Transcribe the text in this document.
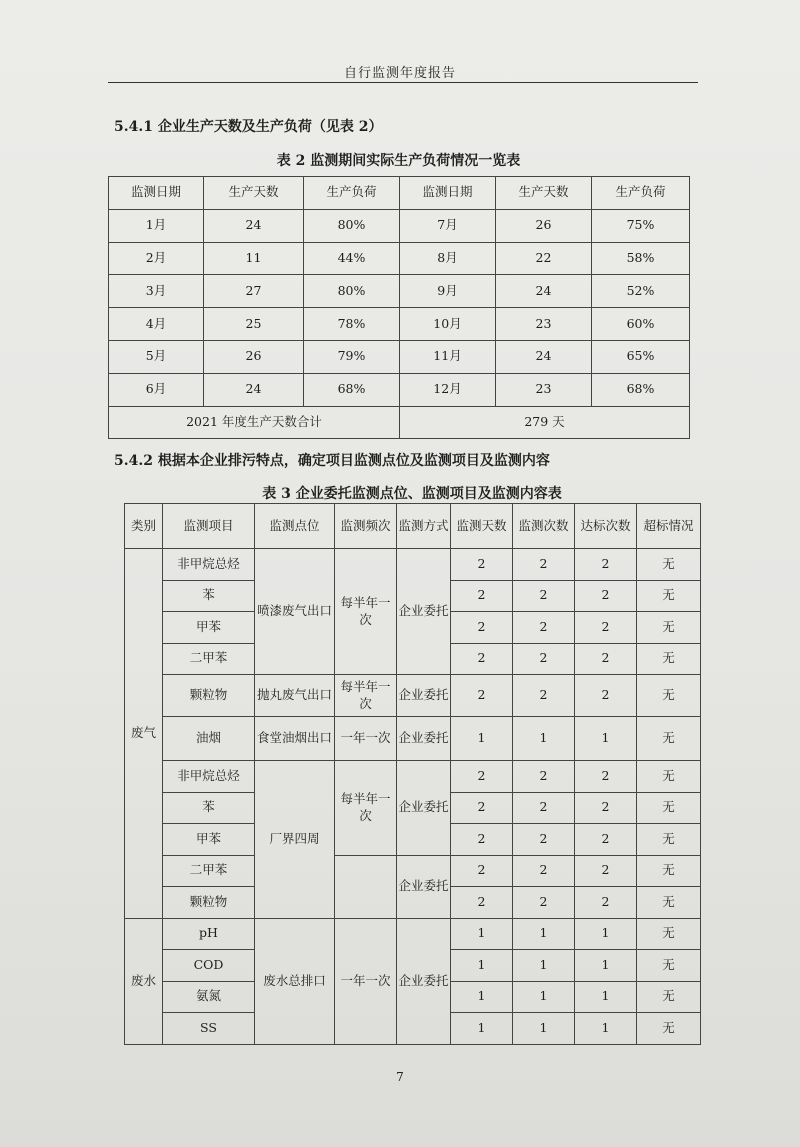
自行监测年度报告
5.4.1 企业生产天数及生产负荷（见表 2）
表 2 监测期间实际生产负荷情况一览表
监测日期	生产天数	生产负荷	监测日期	生产天数	生产负荷
1月	24	80%	7月	26	75%
2月	11	44%	8月	22	58%
3月	27	80%	9月	24	52%
4月	25	78%	10月	23	60%
5月	26	79%	11月	24	65%
6月	24	68%	12月	23	68%
2021 年度生产天数合计			279 天		
5.4.2 根据本企业排污特点，确定项目监测点位及监测项目及监测内容
表 3 企业委托监测点位、监测项目及监测内容表
类别	监测项目	监测点位	监测频次	监测方式	监测天数	监测次数	达标次数	超标情况
废气	非甲烷总烃	喷漆废气出口	每半年一次	企业委托	2	2	2	无
	苯				2	2	2	无
	甲苯				2	2	2	无
	二甲苯				2	2	2	无
	颗粒物	抛丸废气出口	每半年一次	企业委托	2	2	2	无
	油烟	食堂油烟出口	一年一次	企业委托	1	1	1	无
	非甲烷总烃	厂界四周	每半年一次	企业委托	2	2	2	无
	苯				2	2	2	无
	甲苯				2	2	2	无
	二甲苯			企业委托	2	2	2	无
	颗粒物				2	2	2	无
废水	pH	废水总排口	一年一次	企业委托	1	1	1	无
	COD				1	1	1	无
	氨氮				1	1	1	无
	SS				1	1	1	无
7
